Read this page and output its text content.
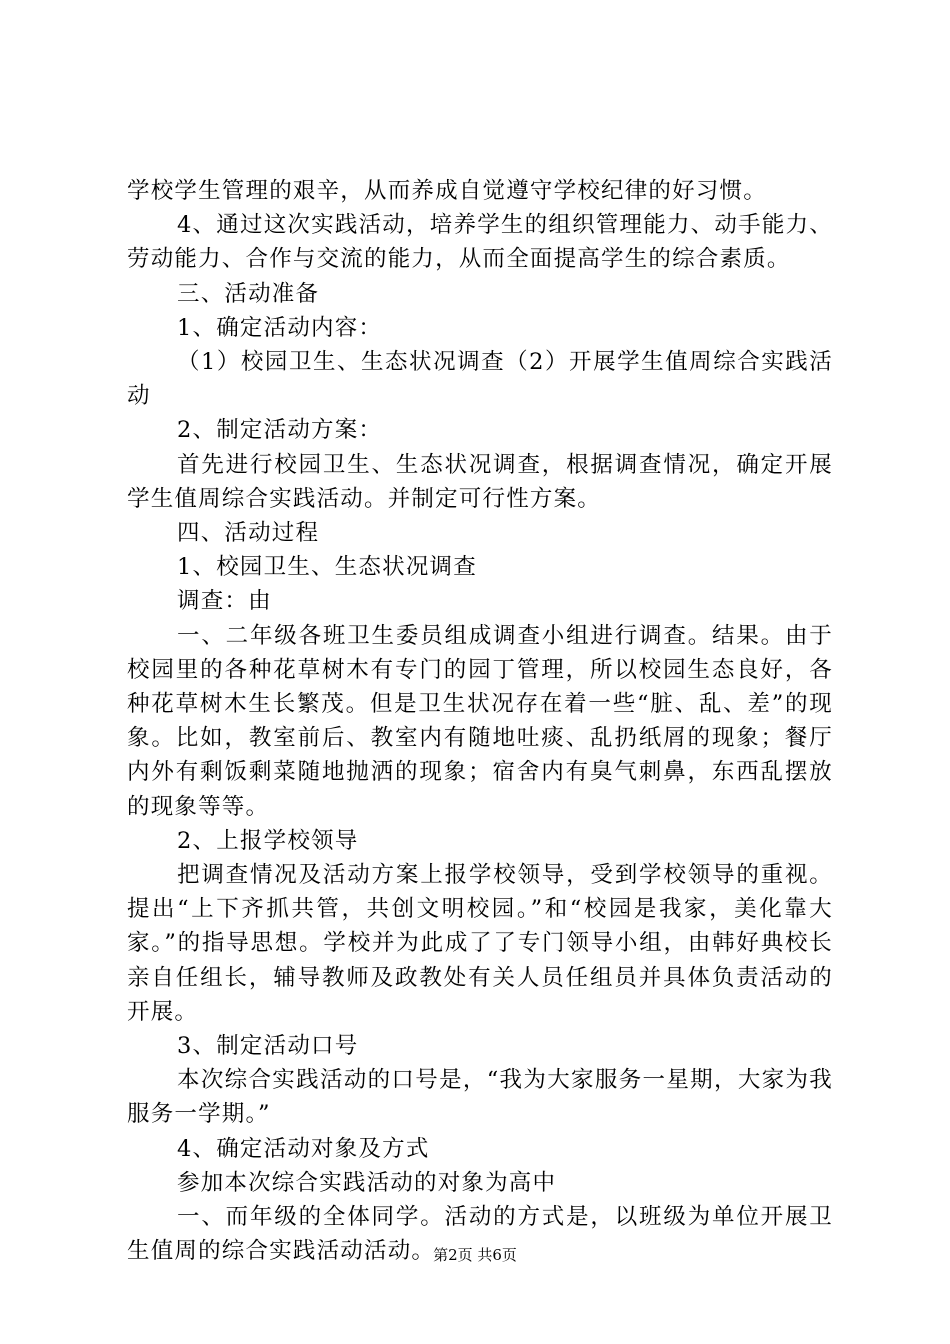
学校学生管理的艰辛，从而养成自觉遵守学校纪律的好习惯。

4、通过这次实践活动，培养学生的组织管理能力、动手能力、劳动能力、合作与交流的能力，从而全面提高学生的综合素质。

三、活动准备

1、确定活动内容：

（1）校园卫生、生态状况调查（2）开展学生值周综合实践活动

2、制定活动方案：

首先进行校园卫生、生态状况调查，根据调查情况，确定开展学生值周综合实践活动。并制定可行性方案。

四、活动过程

1、校园卫生、生态状况调查

调查：由

一、二年级各班卫生委员组成调查小组进行调查。结果。由于校园里的各种花草树木有专门的园丁管理，所以校园生态良好，各种花草树木生长繁茂。但是卫生状况存在着一些“脏、乱、差”的现象。比如，教室前后、教室内有随地吐痰、乱扔纸屑的现象；餐厅内外有剩饭剩菜随地抛洒的现象；宿舍内有臭气刺鼻，东西乱摆放的现象等等。

2、上报学校领导

把调查情况及活动方案上报学校领导，受到学校领导的重视。提出“上下齐抓共管，共创文明校园。”和“校园是我家，美化靠大家。”的指导思想。学校并为此成了了专门领导小组，由韩好典校长亲自任组长，辅导教师及政教处有关人员任组员并具体负责活动的开展。

3、制定活动口号

本次综合实践活动的口号是，“我为大家服务一星期，大家为我服务一学期。”

4、确定活动对象及方式

参加本次综合实践活动的对象为高中

一、而年级的全体同学。活动的方式是，以班级为单位开展卫生值周的综合实践活动活动。

第2页 共6页
